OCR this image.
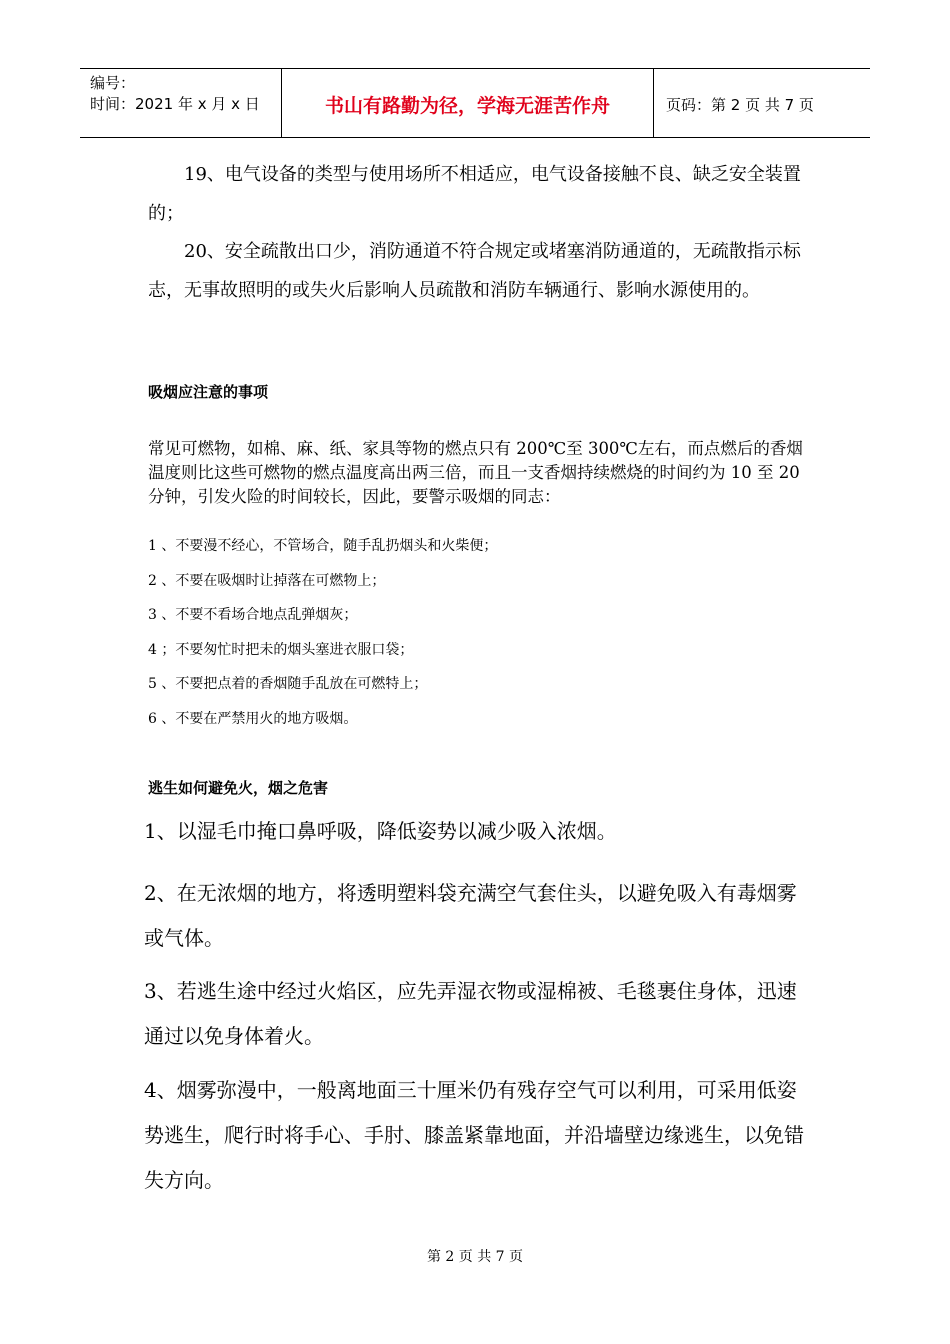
编号：
时间：2021 年 x 月 x 日	书山有路勤为径，学海无涯苦作舟	页码：第 2 页 共 7 页

19、电气设备的类型与使用场所不相适应，电气设备接触不良、缺乏安全装置的；

20、安全疏散出口少，消防通道不符合规定或堵塞消防通道的，无疏散指示标志，无事故照明的或失火后影响人员疏散和消防车辆通行、影响水源使用的。

吸烟应注意的事项

常见可燃物，如棉、麻、纸、家具等物的燃点只有 200℃至 300℃左右，而点燃后的香烟温度则比这些可燃物的燃点温度高出两三倍，而且一支香烟持续燃烧的时间约为 10 至 20 分钟，引发火险的时间较长，因此，要警示吸烟的同志：

1 、不要漫不经心，不管场合，随手乱扔烟头和火柴便；

2 、不要在吸烟时让掉落在可燃物上；

3 、不要不看场合地点乱弹烟灰；

4 ；不要匆忙时把未的烟头塞进衣服口袋；

5 、不要把点着的香烟随手乱放在可燃特上；

6 、不要在严禁用火的地方吸烟。

逃生如何避免火，烟之危害

1、以湿毛巾掩口鼻呼吸，降低姿势以减少吸入浓烟。

2、在无浓烟的地方，将透明塑料袋充满空气套住头，以避免吸入有毒烟雾或气体。

3、若逃生途中经过火焰区，应先弄湿衣物或湿棉被、毛毯裹住身体，迅速通过以免身体着火。

4、烟雾弥漫中，一般离地面三十厘米仍有残存空气可以利用，可采用低姿势逃生，爬行时将手心、手肘、膝盖紧靠地面，并沿墙壁边缘逃生，以免错失方向。

第 2 页 共 7 页
